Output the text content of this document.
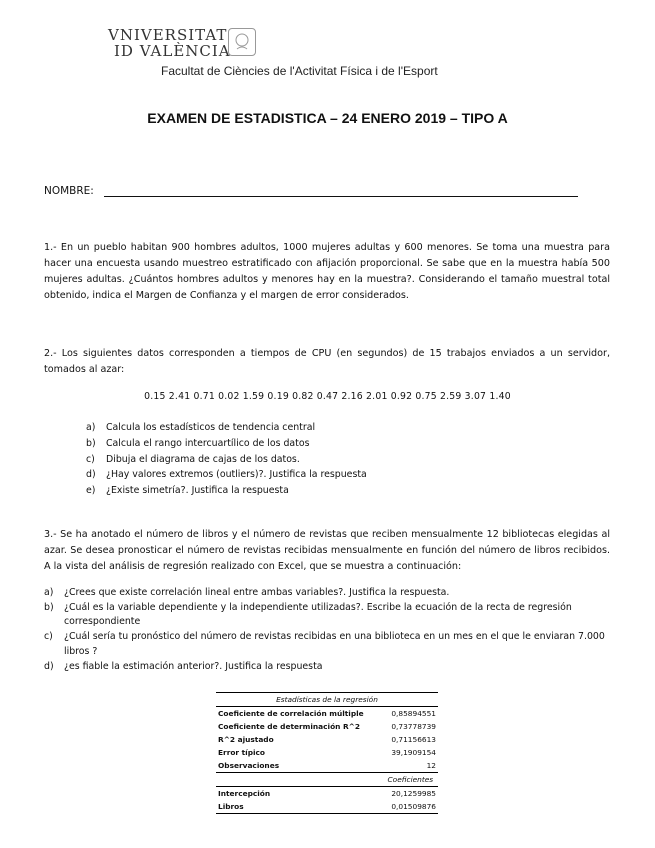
VNIVERSITAT
ID VALÈNCIA
Facultat de Ciències de l'Activitat Física i de l'Esport
EXAMEN DE ESTADISTICA – 24 ENERO 2019 – TIPO A
NOMBRE:
1.- En un pueblo habitan 900 hombres adultos, 1000 mujeres adultas y 600 menores. Se toma una muestra para hacer una encuesta usando muestreo estratificado con afijación proporcional. Se sabe que en la muestra había 500 mujeres adultas. ¿Cuántos hombres adultos y menores hay en la muestra?. Considerando el tamaño muestral total obtenido, indica el Margen de Confianza y el margen de error considerados.
2.- Los siguientes datos corresponden a tiempos de CPU (en segundos) de 15 trabajos enviados a un servidor, tomados al azar:
0.15 2.41 0.71 0.02 1.59 0.19 0.82 0.47 2.16 2.01 0.92 0.75 2.59 3.07 1.40
a) Calcula los estadísticos de tendencia central
b) Calcula el rango intercuartílico de los datos
c) Dibuja el diagrama de cajas de los datos.
d) ¿Hay valores extremos (outliers)?. Justifica la respuesta
e) ¿Existe simetría?. Justifica la respuesta
3.- Se ha anotado el número de libros y el número de revistas que reciben mensualmente 12 bibliotecas elegidas al azar. Se desea pronosticar el número de revistas recibidas mensualmente en función del número de libros recibidos. A la vista del análisis de regresión realizado con Excel, que se muestra a continuación:
a) ¿Crees que existe correlación lineal entre ambas variables?. Justifica la respuesta.
b) ¿Cuál es la variable dependiente y la independiente utilizadas?. Escribe la ecuación de la recta de regresión correspondiente
c) ¿Cuál sería tu pronóstico del número de revistas recibidas en una biblioteca en un mes en el que le enviaran 7.000 libros ?
d) ¿es fiable la estimación anterior?. Justifica la respuesta
Estadísticas de la regresión	
Coeficiente de correlación múltiple	0,85894551
Coeficiente de determinación R^2	0,73778739
R^2 ajustado	0,71156613
Error típico	39,1909154
Observaciones	12
	Coeficientes
Intercepción	20,1259985
Libros	0,01509876
